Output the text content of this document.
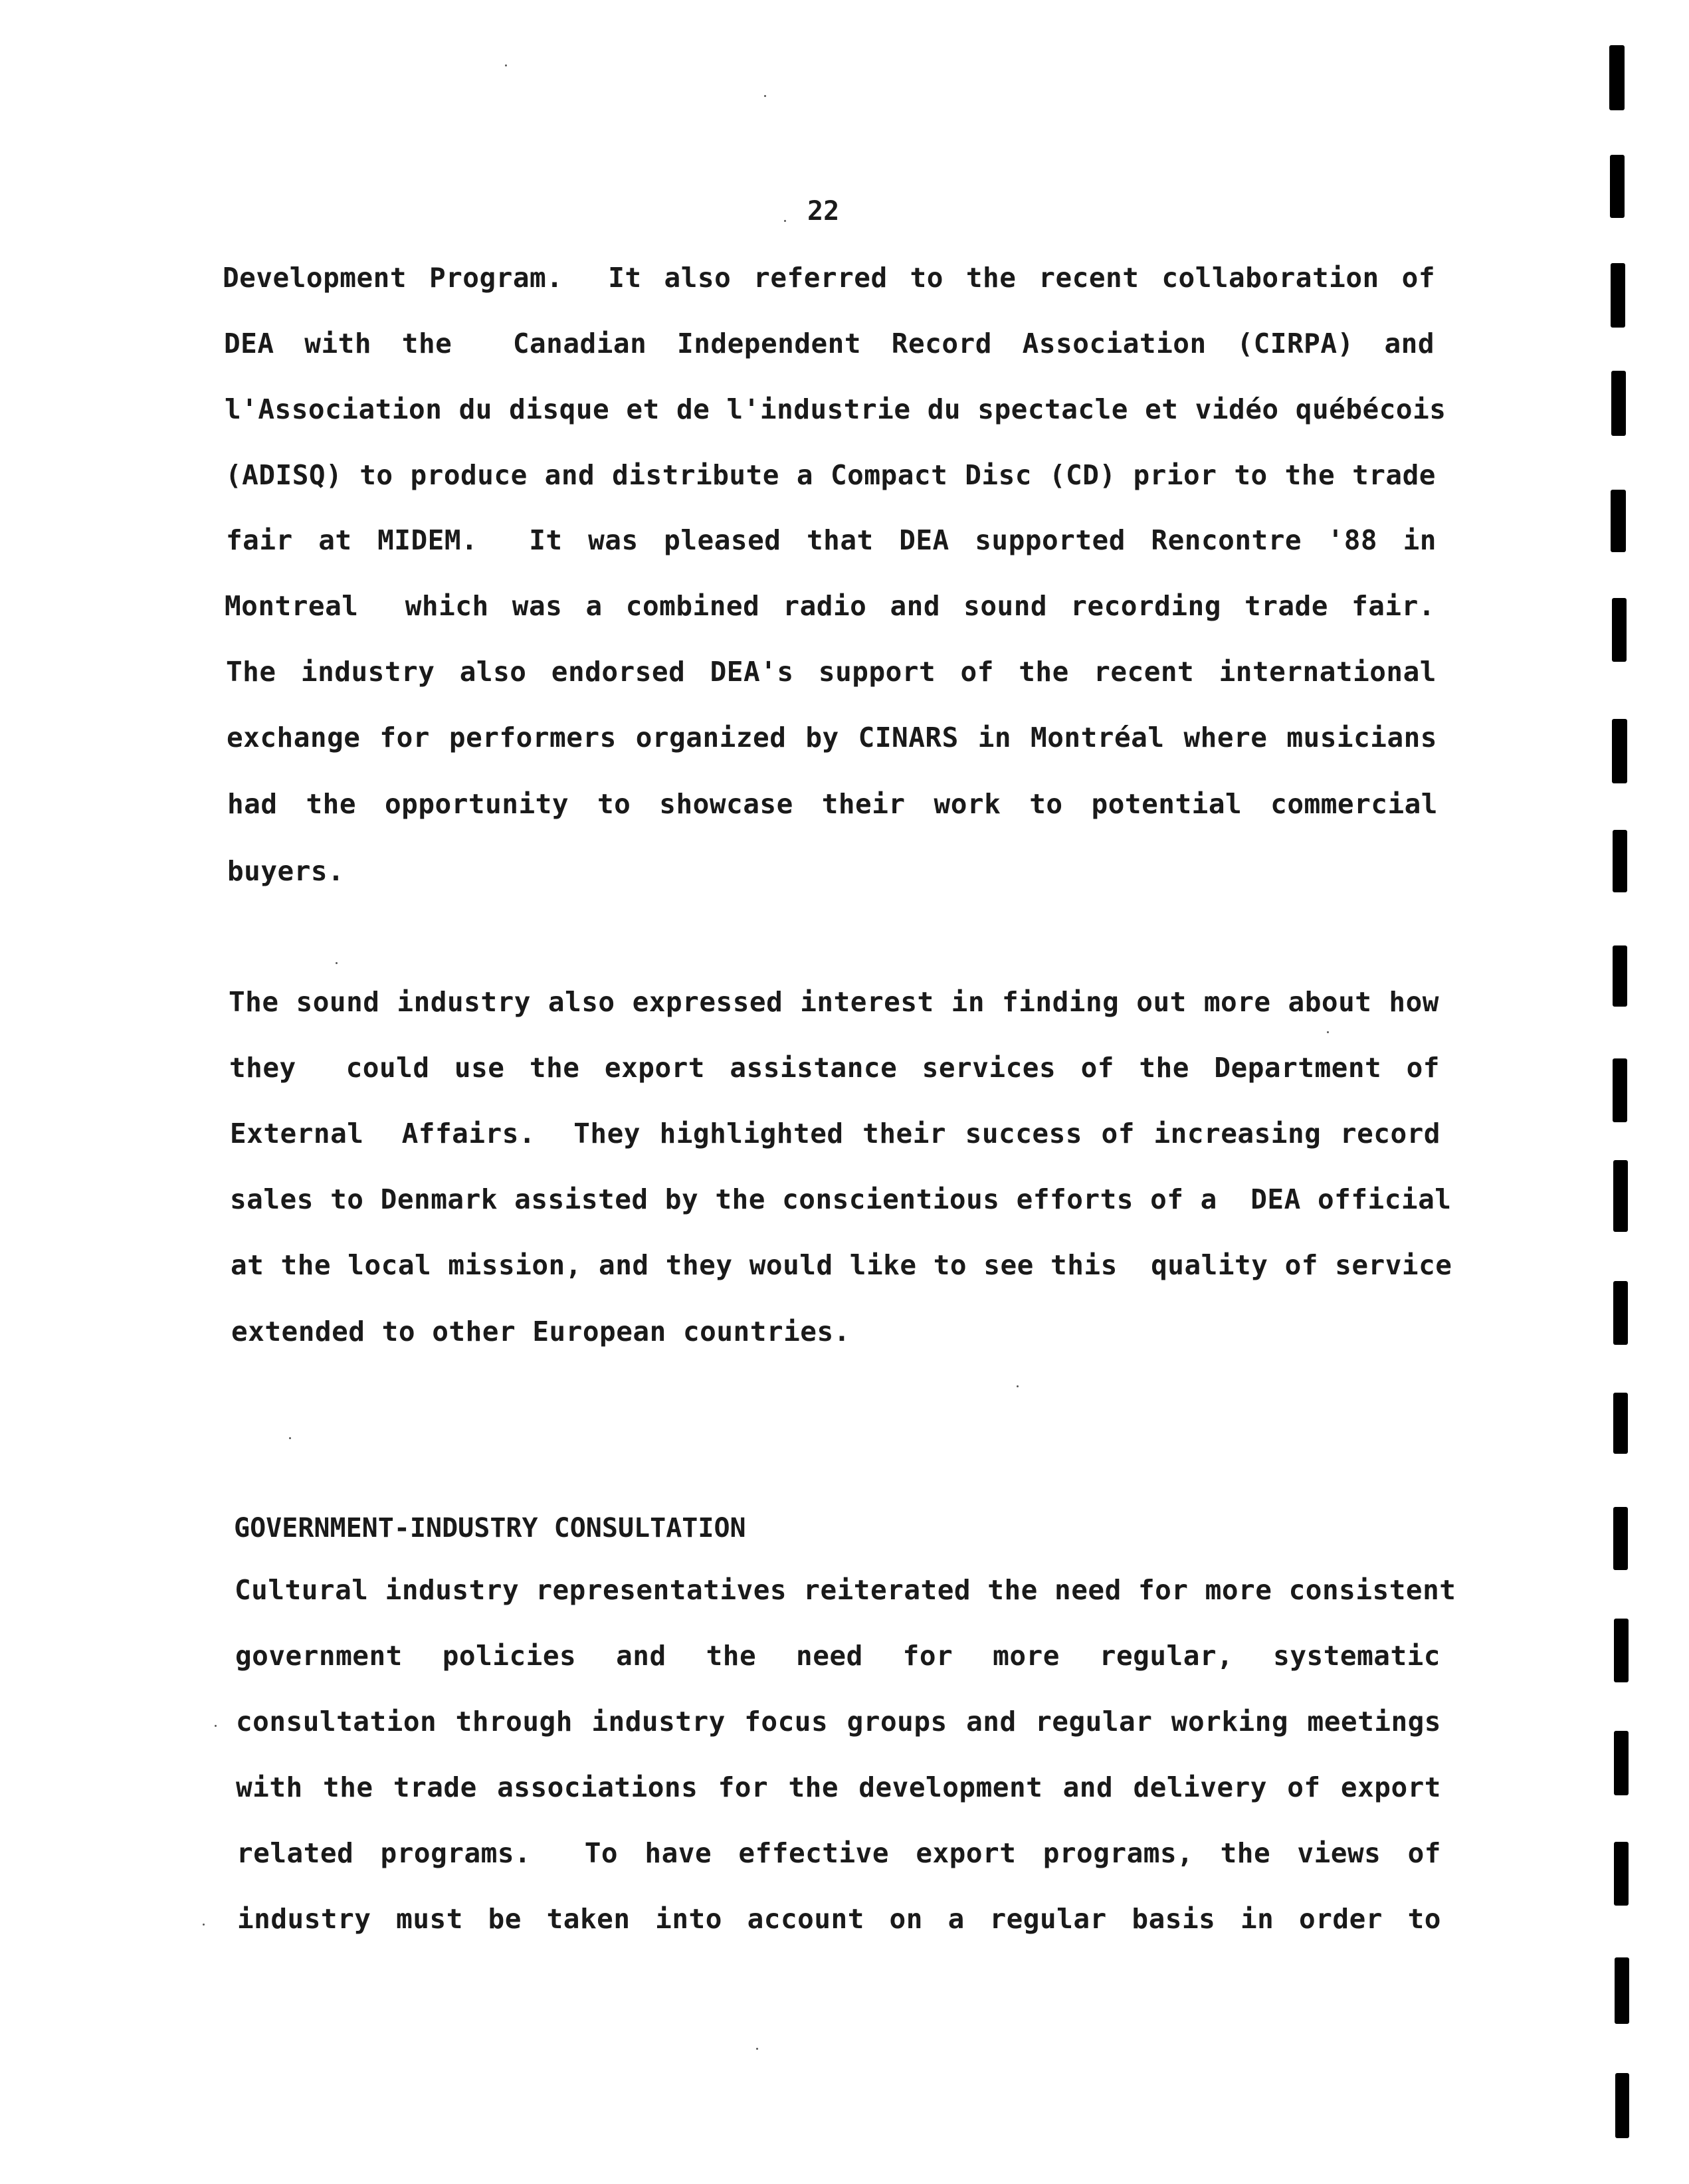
22
Development Program.  It also referred to the recent collaboration of
DEA with the  Canadian Independent Record Association (CIRPA) and
l'Association du disque et de l'industrie du spectacle et vidéo québécois
(ADISQ) to produce and distribute a Compact Disc (CD) prior to the trade
fair at MIDEM.  It was pleased that DEA supported Rencontre '88 in
Montreal  which was a combined radio and sound recording trade fair.
The industry also endorsed DEA's support of the recent international
exchange for performers organized by CINARS in Montréal where musicians
had the opportunity to showcase their work to potential commercial
buyers.
The sound industry also expressed interest in finding out more about how
they  could use the export assistance services of the Department of
External  Affairs.  They highlighted their success of increasing record
sales to Denmark assisted by the conscientious efforts of a  DEA official
at the local mission, and they would like to see this  quality of service
extended to other European countries.
GOVERNMENT-INDUSTRY CONSULTATION
Cultural industry representatives reiterated the need for more consistent
government policies and the need for more regular, systematic
consultation through industry focus groups and regular working meetings
with the trade associations for the development and delivery of export
related programs.  To have effective export programs, the views of
industry must be taken into account on a regular basis in order to
